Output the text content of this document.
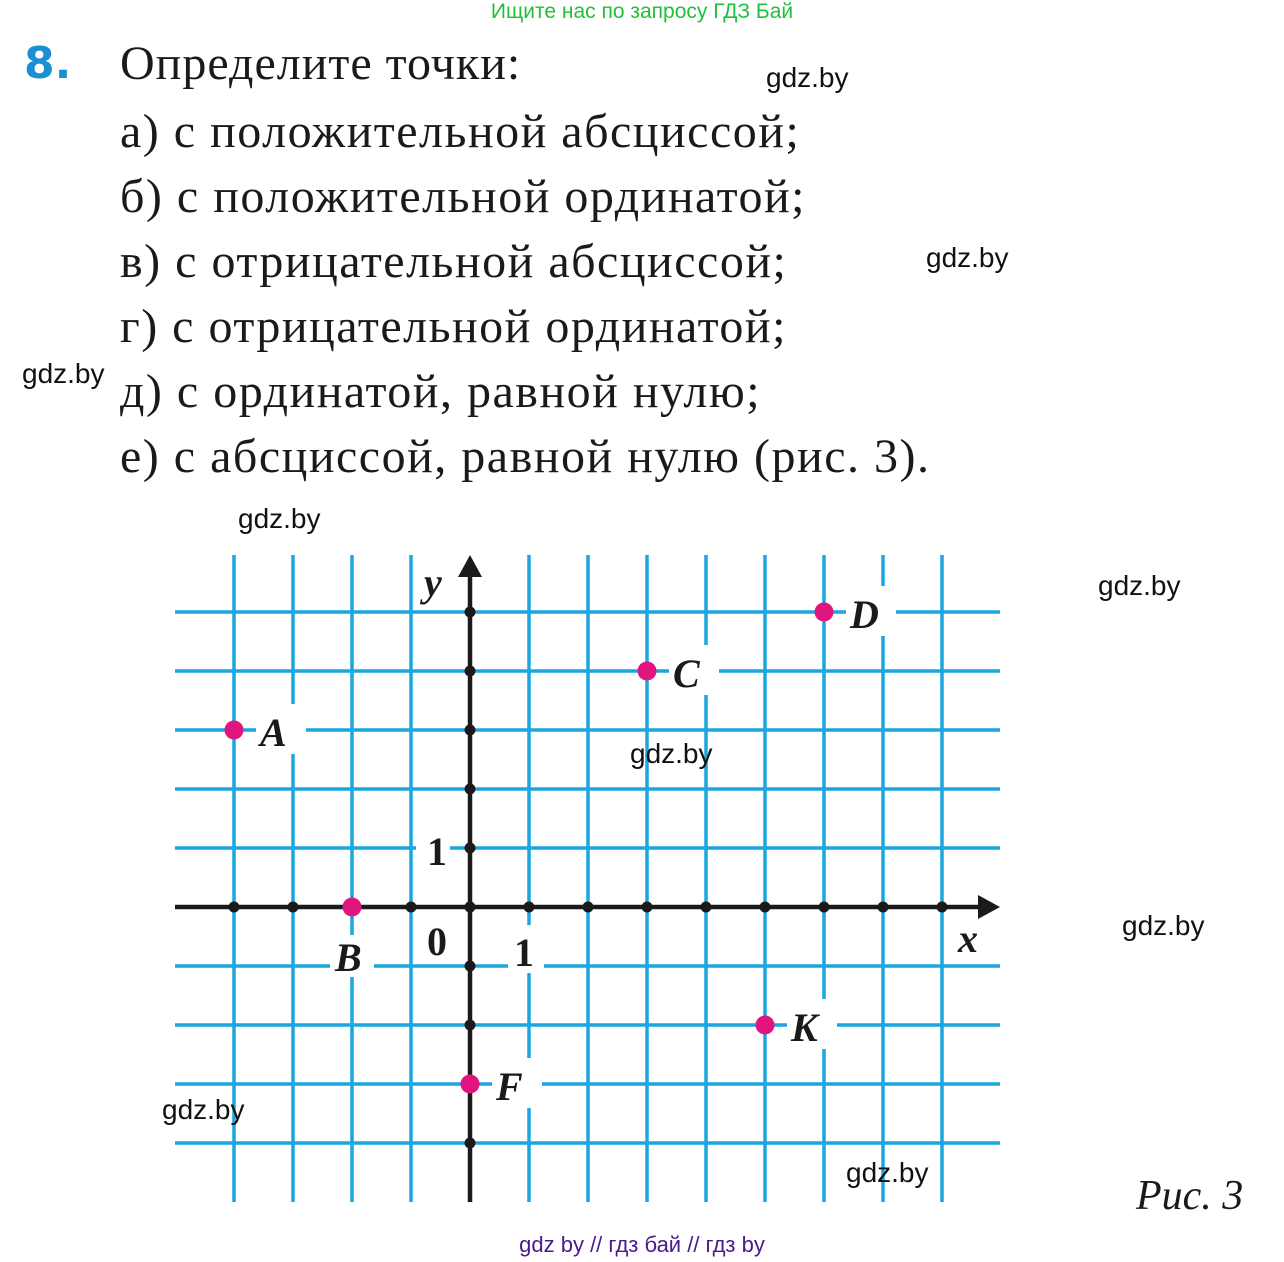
Ищите нас по запросу ГДЗ Бай
8. Определите точки:
а) с положительной абсциссой;
б) с положительной ординатой;
в) с отрицательной абсциссой;
г) с отрицательной ординатой;
д) с ординатой, равной нулю;
е) с абсциссой, равной нулю (рис. 3).
y
x
0 1
1
A
B
C
D
K
F
gdz.by
gdz.by
gdz.by
gdz.by
gdz.by
gdz.by
gdz.by
gdz.by
gdz.by
Рис. 3
gdz by // гдз бай // гдз by
